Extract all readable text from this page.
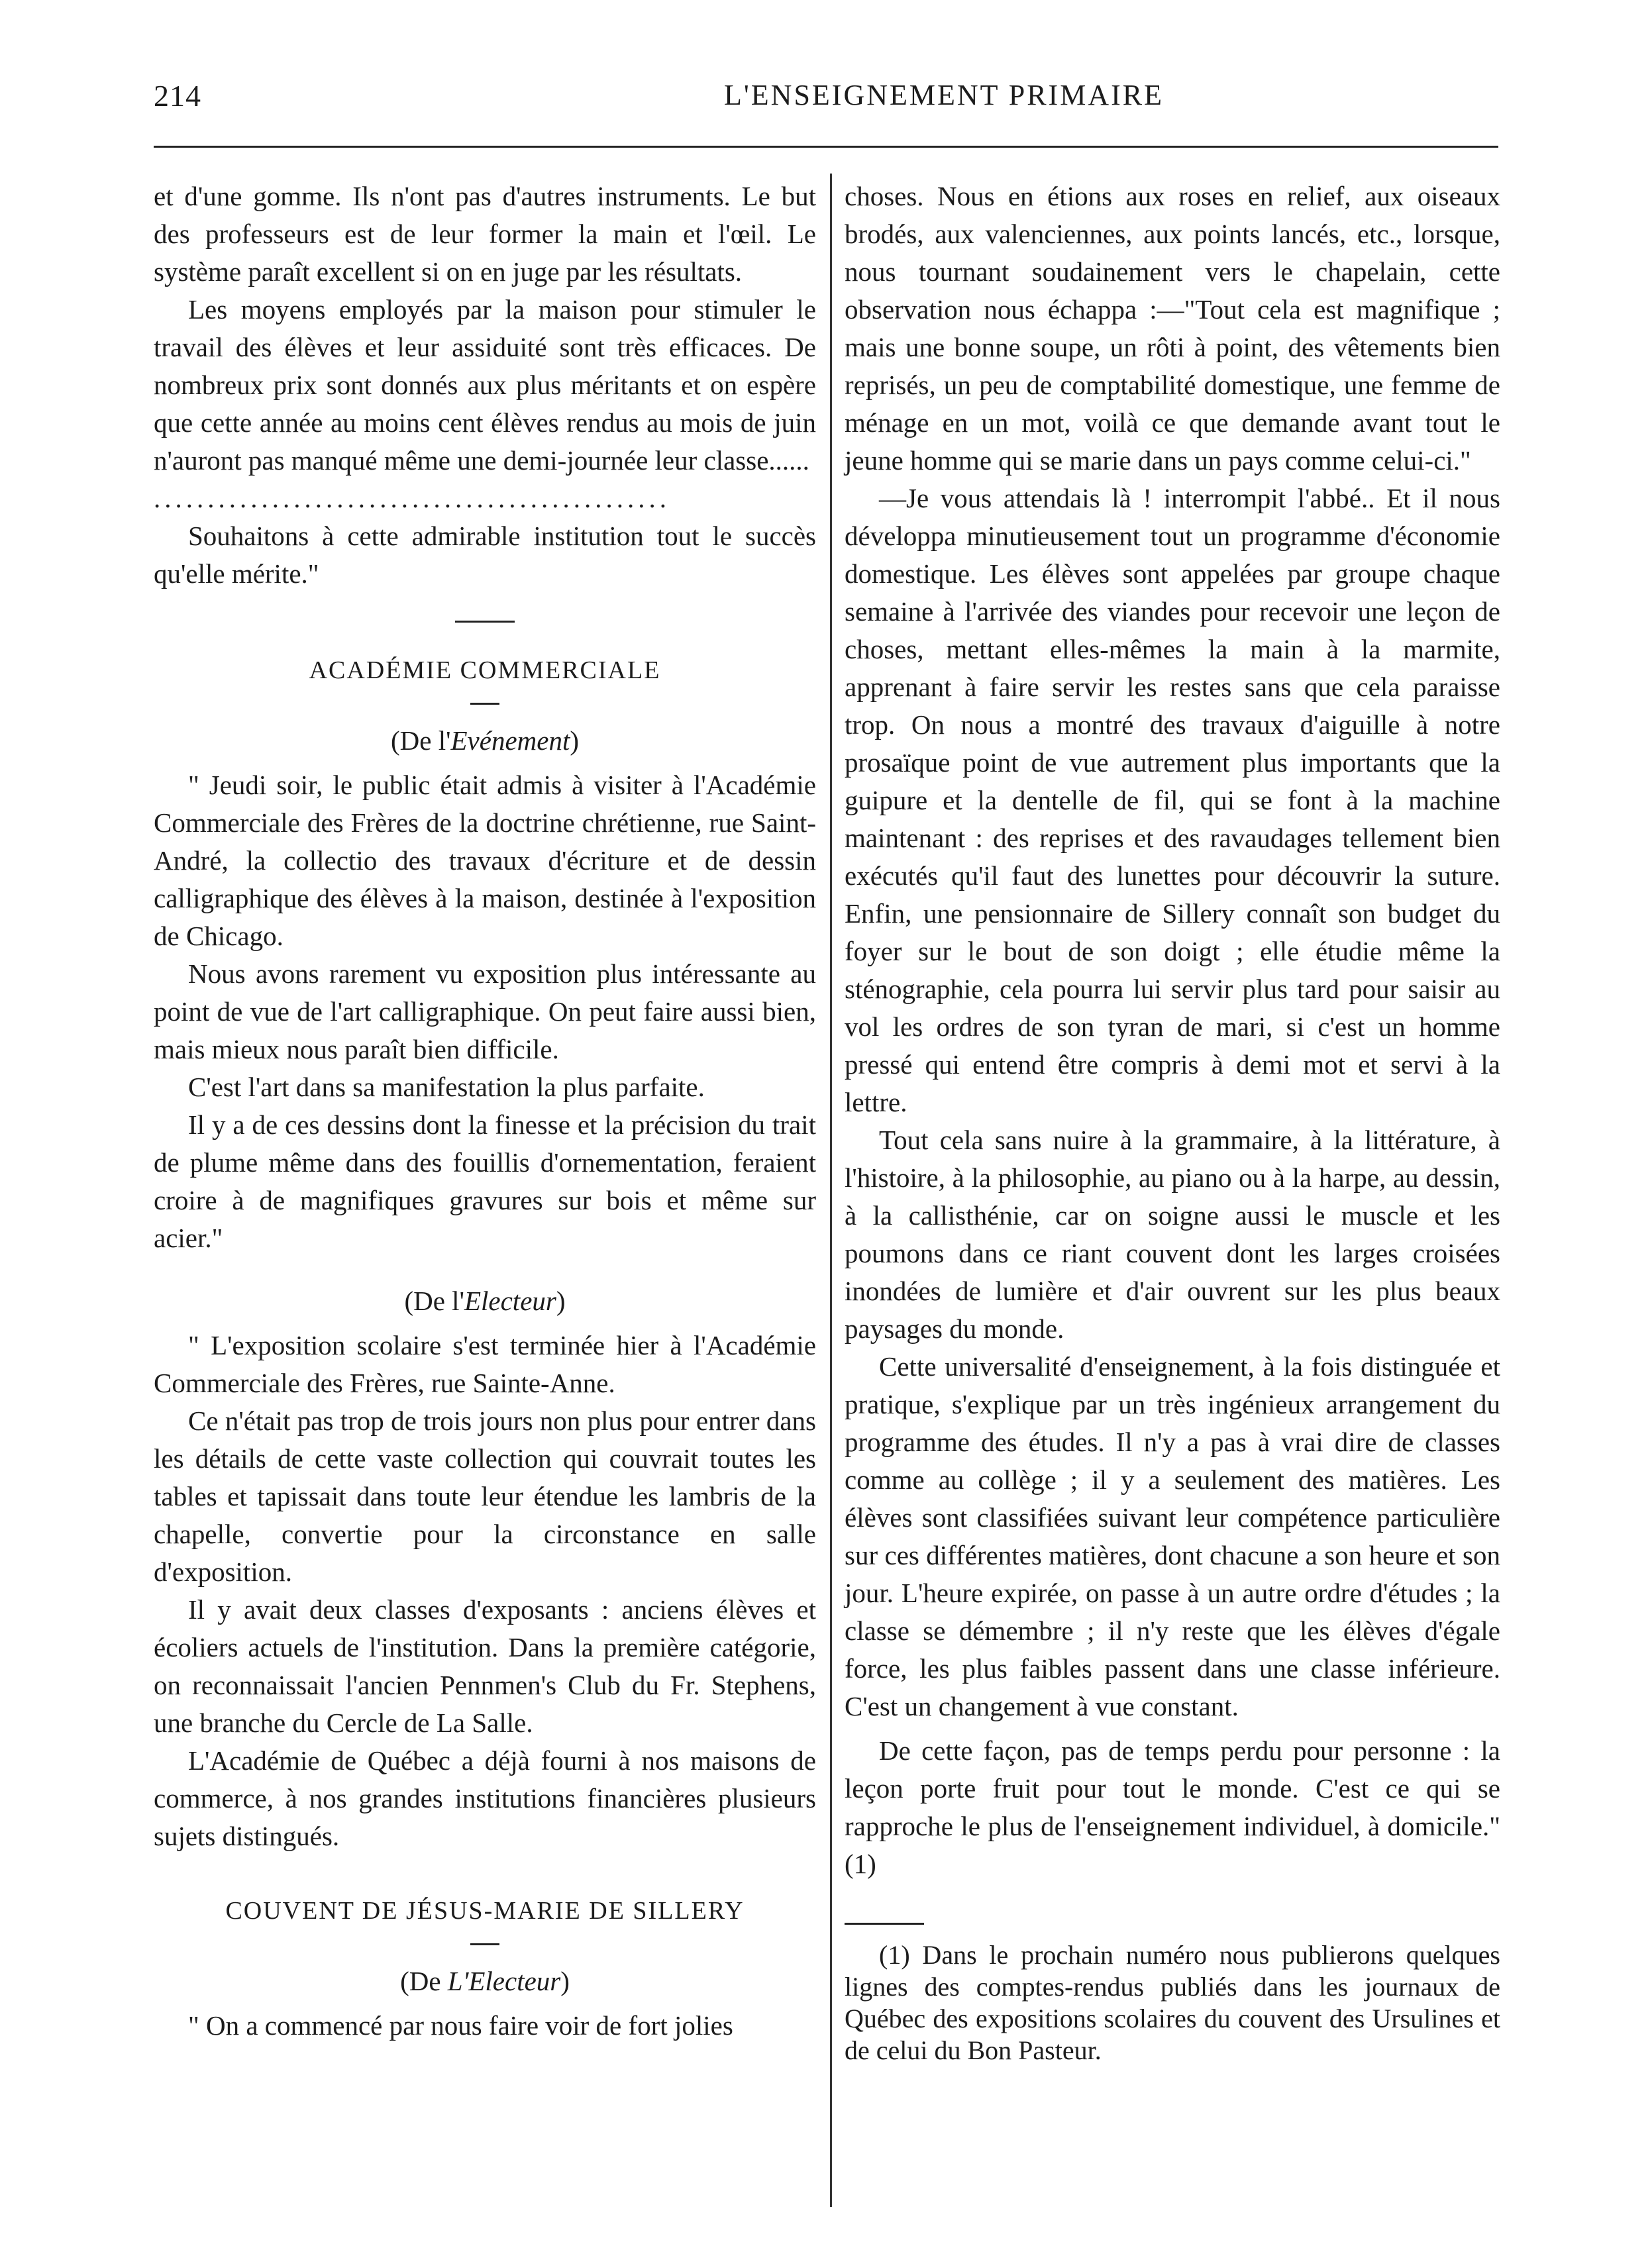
214	L'ENSEIGNEMENT PRIMAIRE

et d'une gomme. Ils n'ont pas d'autres instruments. Le but des professeurs est de leur former la main et l'œil. Le système paraît excellent si on en juge par les résultats.

Les moyens employés par la maison pour stimuler le travail des élèves et leur assiduité sont très efficaces. De nombreux prix sont donnés aux plus méritants et on espère que cette année au moins cent élèves rendus au mois de juin n'auront pas manqué même une demi-journée leur classe......

................................................

Souhaitons à cette admirable institution tout le succès qu'elle mérite."

ACADÉMIE COMMERCIALE

(De l'Evénement)

" Jeudi soir, le public était admis à visiter à l'Académie Commerciale des Frères de la doctrine chrétienne, rue Saint-André, la collectio des travaux d'écriture et de dessin calligraphique des élèves à la maison, destinée à l'exposition de Chicago.

Nous avons rarement vu exposition plus intéressante au point de vue de l'art calligraphique. On peut faire aussi bien, mais mieux nous paraît bien difficile.

C'est l'art dans sa manifestation la plus parfaite.

Il y a de ces dessins dont la finesse et la précision du trait de plume même dans des fouillis d'ornementation, feraient croire à de magnifiques gravures sur bois et même sur acier."

(De l'Electeur)

" L'exposition scolaire s'est terminée hier à l'Académie Commerciale des Frères, rue Sainte-Anne.

Ce n'était pas trop de trois jours non plus pour entrer dans les détails de cette vaste collection qui couvrait toutes les tables et tapissait dans toute leur étendue les lambris de la chapelle, convertie pour la circonstance en salle d'exposition.

Il y avait deux classes d'exposants : anciens élèves et écoliers actuels de l'institution. Dans la première catégorie, on reconnaissait l'ancien Pennmen's Club du Fr. Stephens, une branche du Cercle de La Salle.

L'Académie de Québec a déjà fourni à nos maisons de commerce, à nos grandes institutions financières plusieurs sujets distingués.

COUVENT DE JÉSUS-MARIE DE SILLERY

(De L'Electeur)

" On a commencé par nous faire voir de fort jolies

choses. Nous en étions aux roses en relief, aux oiseaux brodés, aux valenciennes, aux points lancés, etc., lorsque, nous tournant soudainement vers le chapelain, cette observation nous échappa :—"Tout cela est magnifique ; mais une bonne soupe, un rôti à point, des vêtements bien reprisés, un peu de comptabilité domestique, une femme de ménage en un mot, voilà ce que demande avant tout le jeune homme qui se marie dans un pays comme celui-ci."

—Je vous attendais là ! interrompit l'abbé.. Et il nous développa minutieusement tout un programme d'économie domestique. Les élèves sont appelées par groupe chaque semaine à l'arrivée des viandes pour recevoir une leçon de choses, mettant elles-mêmes la main à la marmite, apprenant à faire servir les restes sans que cela paraisse trop. On nous a montré des travaux d'aiguille à notre prosaïque point de vue autrement plus importants que la guipure et la dentelle de fil, qui se font à la machine maintenant : des reprises et des ravaudages tellement bien exécutés qu'il faut des lunettes pour découvrir la suture. Enfin, une pensionnaire de Sillery connaît son budget du foyer sur le bout de son doigt ; elle étudie même la sténographie, cela pourra lui servir plus tard pour saisir au vol les ordres de son tyran de mari, si c'est un homme pressé qui entend être compris à demi mot et servi à la lettre.

Tout cela sans nuire à la grammaire, à la littérature, à l'histoire, à la philosophie, au piano ou à la harpe, au dessin, à la callisthénie, car on soigne aussi le muscle et les poumons dans ce riant couvent dont les larges croisées inondées de lumière et d'air ouvrent sur les plus beaux paysages du monde.

Cette universalité d'enseignement, à la fois distinguée et pratique, s'explique par un très ingénieux arrangement du programme des études. Il n'y a pas à vrai dire de classes comme au collège ; il y a seulement des matières. Les élèves sont classifiées suivant leur compétence particulière sur ces différentes matières, dont chacune a son heure et son jour. L'heure expirée, on passe à un autre ordre d'études ; la classe se démembre ; il n'y reste que les élèves d'égale force, les plus faibles passent dans une classe inférieure. C'est un changement à vue constant.

De cette façon, pas de temps perdu pour personne : la leçon porte fruit pour tout le monde. C'est ce qui se rapproche le plus de l'enseignement individuel, à domicile." (1)

(1) Dans le prochain numéro nous publierons quelques lignes des comptes-rendus publiés dans les journaux de Québec des expositions scolaires du couvent des Ursulines et de celui du Bon Pasteur.
